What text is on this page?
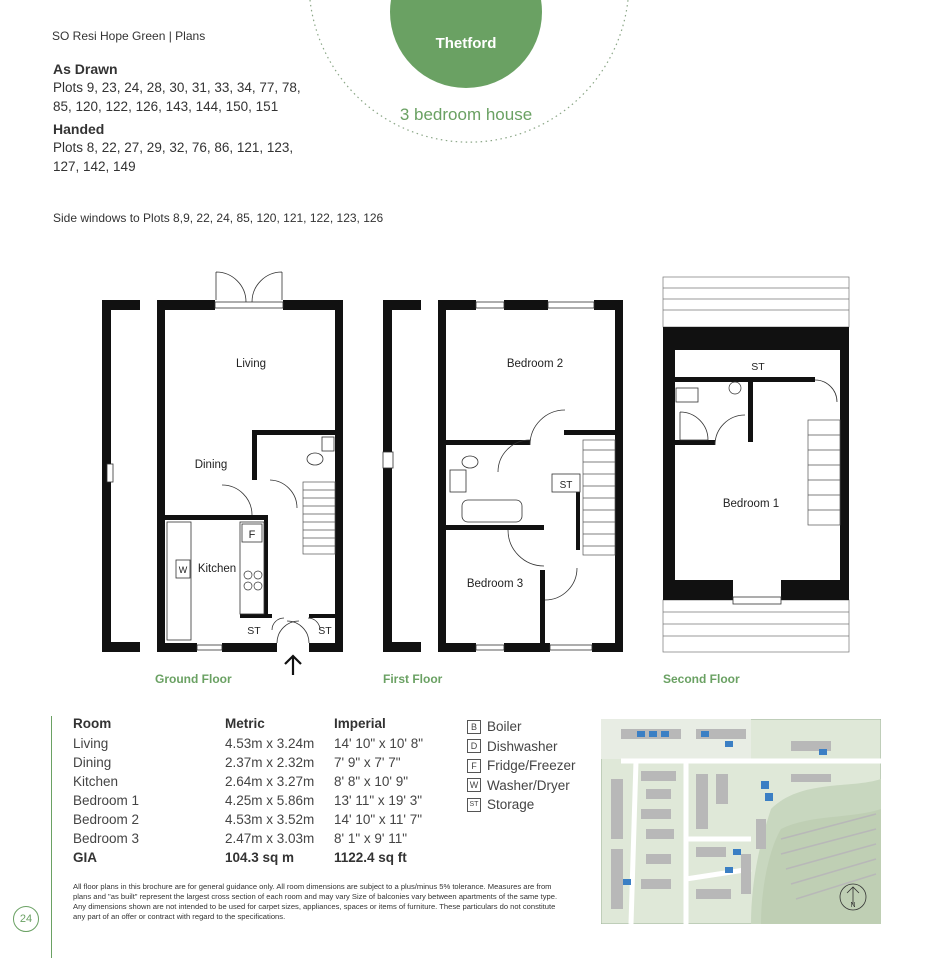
SO Resi Hope Green | Plans	Thetford
3 bedroom house
As Drawn
Plots 9, 23, 24, 28, 30, 31, 33, 34, 77, 78,
85, 120, 122, 126, 143, 144, 150, 151
Handed
Plots 8, 22, 27, 29, 32, 76, 86, 121, 123,
127, 142, 149
Side windows to Plots 8,9, 22, 24, 85, 120, 121, 122, 123, 126
F
W
Living
Dining
Kitchen
ST	ST
ST
Bedroom 2
Bedroom 3
ST
Bedroom 1
Ground Floor	First Floor	Second Floor
Room	Metric	Imperial
Living	4.53m x 3.24m 14' 10" x 10' 8"
Dining	2.37m x 2.32m 7' 9" x 7' 7"
Kitchen	2.64m x 3.27m 8' 8" x 10' 9"
Bedroom 1	4.25m x 5.86m 13' 11" x 19' 3"
Bedroom 2	4.53m x 3.52m 14' 10" x 11' 7"
Bedroom 3	2.47m x 3.03m 8' 1" x 9' 11"
GIA	104.3 sq m	1122.4 sq ft
B Boiler
D Dishwasher
F Fridge/Freezer
W Washer/Dryer
ST Storage
N
All floor plans in this brochure are for general guidance only. All room dimensions are subject to a plus/minus 5% tolerance. Measures are from plans and "as built" represent the largest cross section of each room and may vary Size of balconies vary between apartments of the same type. Any dimensions shown are not intended to be used for carpet sizes, appliances, spaces or items of furniture. These particulars do not constitute any part of an offer or contract with regard to the specifications.
24
